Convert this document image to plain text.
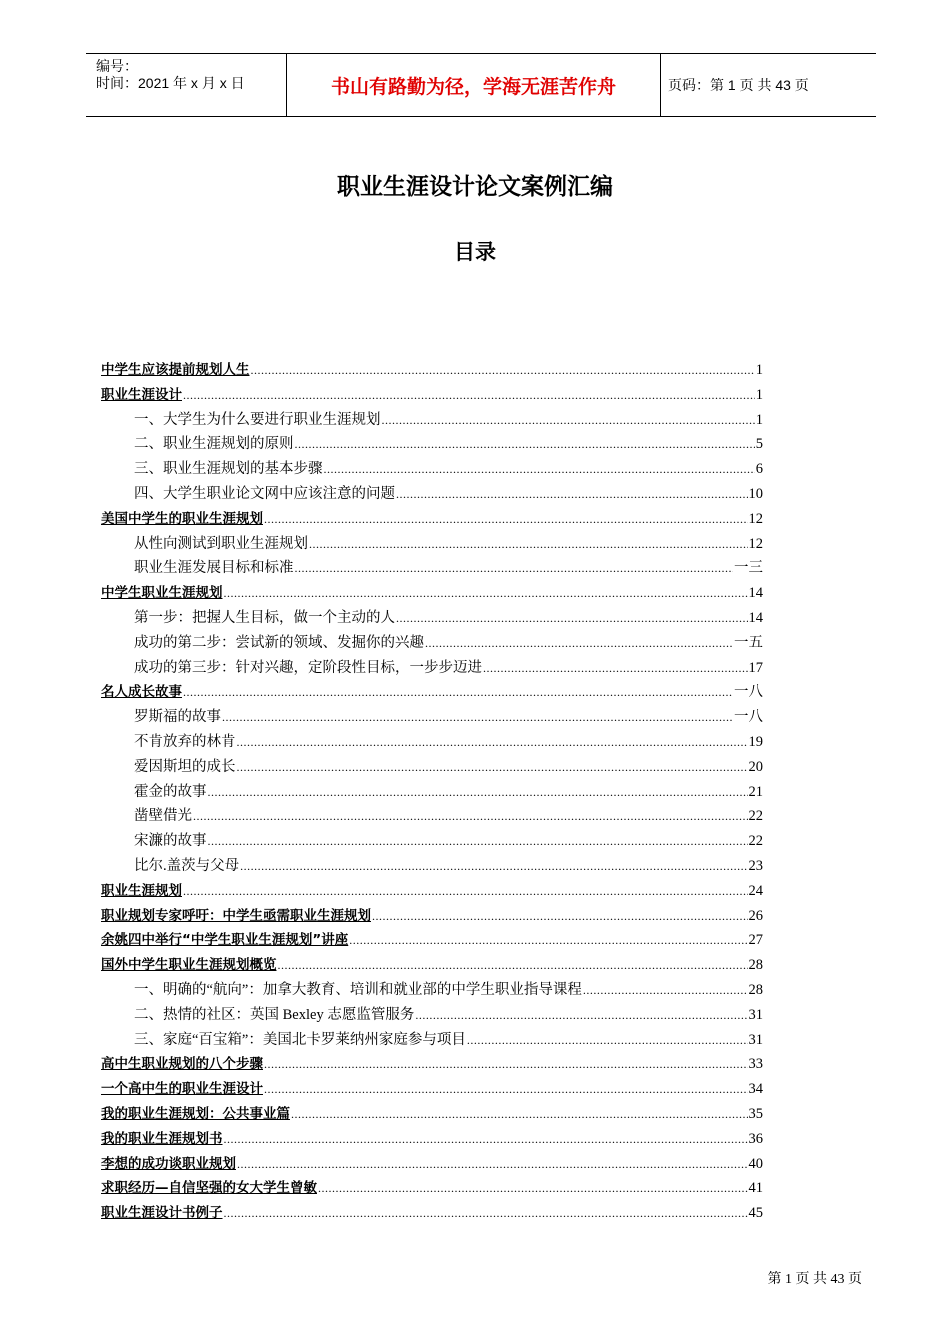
编号：
时间：2021 年 x 月 x 日	书山有路勤为径，学海无涯苦作舟	页码：第 1 页 共 43 页
职业生涯设计论文案例汇编
目录
中学生应该提前规划人生 .....	1
职业生涯设计 .....	1
一、大学生为什么要进行职业生涯规划 .....	1
二、职业生涯规划的原则 .....	5
三、职业生涯规划的基本步骤 .....	6
四、大学生职业论文网中应该注意的问题 .....	10
美国中学生的职业生涯规划 .....	12
从性向测试到职业生涯规划 .....	12
职业生涯发展目标和标准 .....	一三
中学生职业生涯规划 .....	14
第一步：把握人生目标，做一个主动的人 .....	14
成功的第二步：尝试新的领域、发掘你的兴趣 .....	一五
成功的第三步：针对兴趣，定阶段性目标，一步步迈进 .....	17
名人成长故事 .....	一八
罗斯福的故事 .....	一八
不肯放弃的林肯 .....	19
爱因斯坦的成长 .....	20
霍金的故事 .....	21
凿壁借光 .....	22
宋濂的故事 .....	22
比尔.盖茨与父母 .....	23
职业生涯规划 .....	24
职业规划专家呼吁：中学生亟需职业生涯规划 .....	26
余姚四中举行“中学生职业生涯规划”讲座 .....	27
国外中学生职业生涯规划概览 .....	28
一、明确的“航向”：加拿大教育、培训和就业部的中学生职业指导课程 .....	28
二、热情的社区：英国 Bexley 志愿监管服务 .....	31
三、家庭“百宝箱”：美国北卡罗莱纳州家庭参与项目 .....	31
高中生职业规划的八个步骤 .....	33
一个高中生的职业生涯设计 .....	34
我的职业生涯规划：公共事业篇 .....	35
我的职业生涯规划书 .....	36
李想的成功谈职业规划 .....	40
求职经历—自信坚强的女大学生曾敏 .....	41
职业生涯设计书例子 .....	45
第 1 页 共 43 页
